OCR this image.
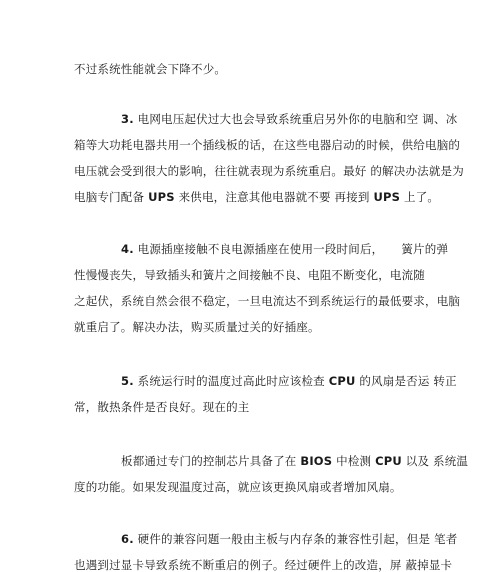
不过系统性能就会下降不少。
3. 电网电压起伏过大也会导致系统重启另外你的电脑和空 调、冰
箱等大功耗电器共用一个插线板的话，在这些电器启动的时候，供给电脑的
电压就会受到很大的影响，往往就表现为系统重启。最好 的解决办法就是为
电脑专门配备 UPS 来供电，注意其他电器就不要 再接到 UPS 上了。
4. 电源插座接触不良电源插座在使用一段时间后， 簧片的弹
性慢慢丧失，导致插头和簧片之间接触不良、电阻不断变化，电流随
之起伏，系统自然会很不稳定，一旦电流达不到系统运行的最低要求，电脑
就重启了。解决办法，购买质量过关的好插座。
5. 系统运行时的温度过高此时应该检查 CPU 的风扇是否运 转正
常，散热条件是否良好。现在的主
板都通过专门的控制芯片具备了在 BIOS 中检测 CPU 以及 系统温
度的功能。如果发现温度过高，就应该更换风扇或者增加风扇。
6. 硬件的兼容问题一般由主板与内存条的兼容性引起，但是 笔者
也遇到过显卡导致系统不断重启的例子。经过硬件上的改造，屏 蔽掉显卡
